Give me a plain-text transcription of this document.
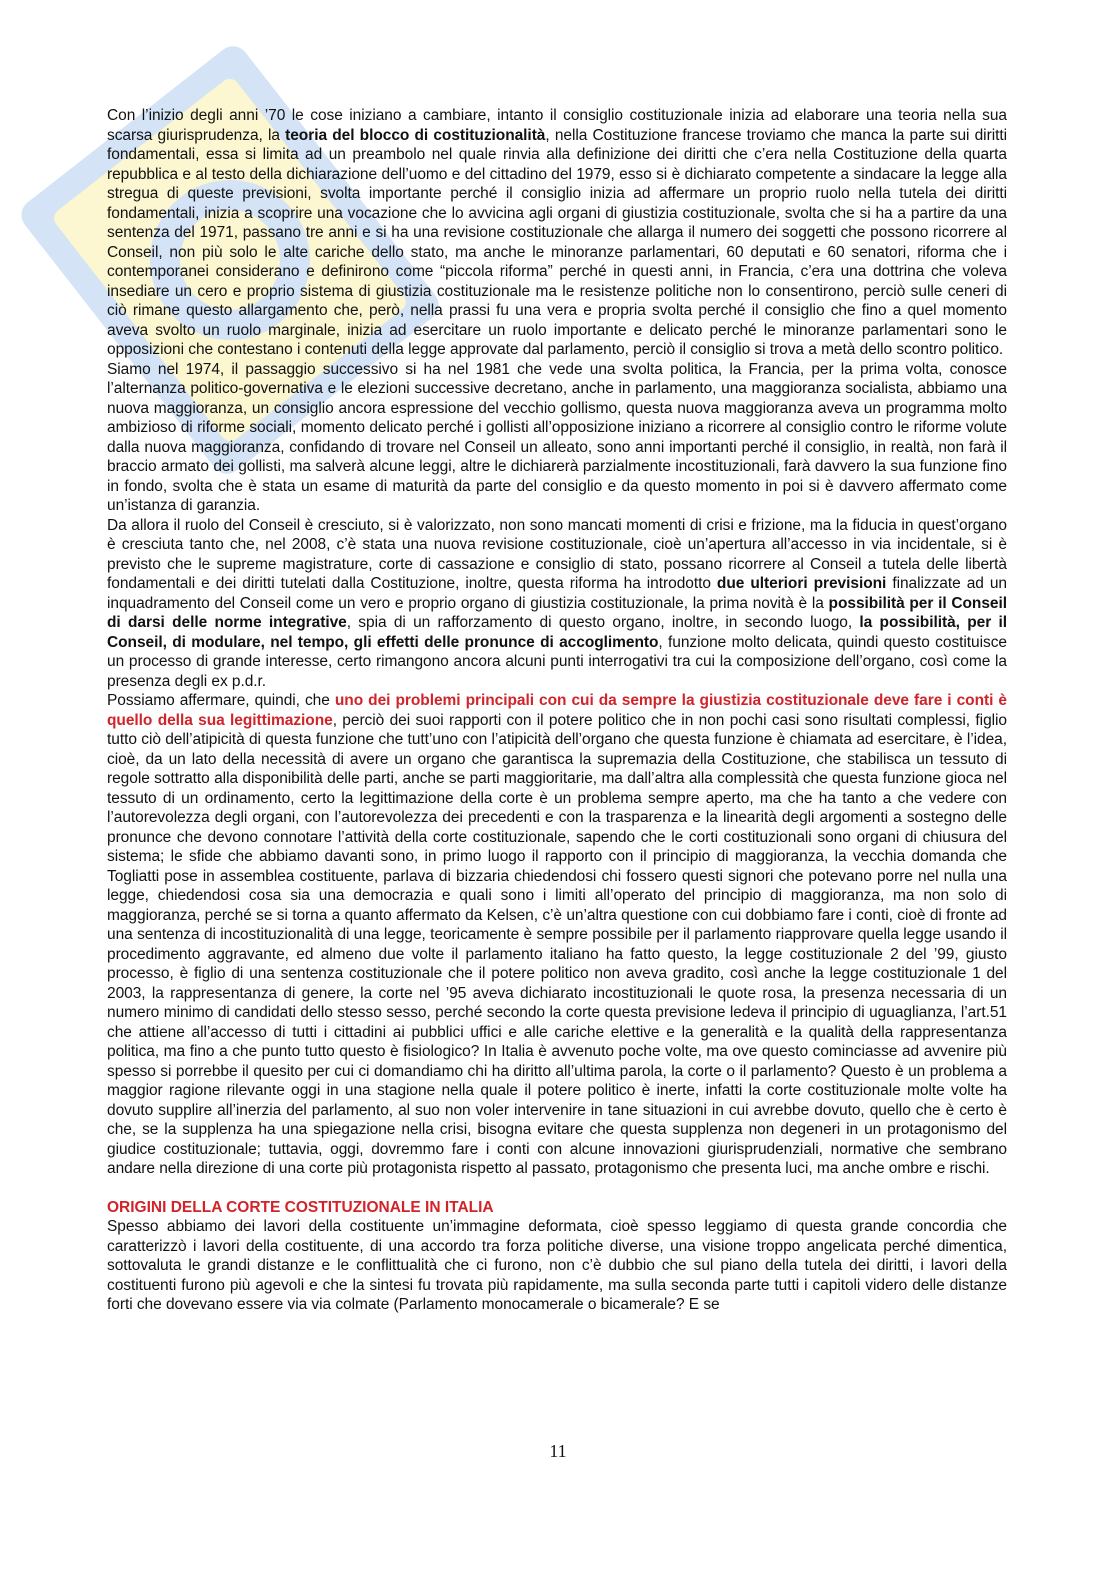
Con l’inizio degli anni ’70 le cose iniziano a cambiare, intanto il consiglio costituzionale inizia ad elaborare una teoria nella sua scarsa giurisprudenza, la teoria del blocco di costituzionalità, nella Costituzione francese troviamo che manca la parte sui diritti fondamentali, essa si limita ad un preambolo nel quale rinvia alla definizione dei diritti che c’era nella Costituzione della quarta repubblica e al testo della dichiarazione dell’uomo e del cittadino del 1979, esso si è dichiarato competente a sindacare la legge alla stregua di queste previsioni, svolta importante perché il consiglio inizia ad affermare un proprio ruolo nella tutela dei diritti fondamentali, inizia a scoprire una vocazione che lo avvicina agli organi di giustizia costituzionale, svolta che si ha a partire da una sentenza del 1971, passano tre anni e si ha una revisione costituzionale che allarga il numero dei soggetti che possono ricorrere al Conseil, non più solo le alte cariche dello stato, ma anche le minoranze parlamentari, 60 deputati e 60 senatori, riforma che i contemporanei considerano e definirono come “piccola riforma” perché in questi anni, in Francia, c’era una dottrina che voleva insediare un cero e proprio sistema di giustizia costituzionale ma le resistenze politiche non lo consentirono, perciò sulle ceneri di ciò rimane questo allargamento che, però, nella prassi fu una vera e propria svolta perché il consiglio che fino a quel momento aveva svolto un ruolo marginale, inizia ad esercitare un ruolo importante e delicato perché le minoranze parlamentari sono le opposizioni che contestano i contenuti della legge approvate dal parlamento, perciò il consiglio si trova a metà dello scontro politico.

Siamo nel 1974, il passaggio successivo si ha nel 1981 che vede una svolta politica, la Francia, per la prima volta, conosce l’alternanza politico-governativa e le elezioni successive decretano, anche in parlamento, una maggioranza socialista, abbiamo una nuova maggioranza, un consiglio ancora espressione del vecchio gollismo, questa nuova maggioranza aveva un programma molto ambizioso di riforme sociali, momento delicato perché i gollisti all’opposizione iniziano a ricorrere al consiglio contro le riforme volute dalla nuova maggioranza, confidando di trovare nel Conseil un alleato, sono anni importanti perché il consiglio, in realtà, non farà il braccio armato dei gollisti, ma salverà alcune leggi, altre le dichiarerà parzialmente incostituzionali, farà davvero la sua funzione fino in fondo, svolta che è stata un esame di maturità da parte del consiglio e da questo momento in poi si è davvero affermato come un’istanza di garanzia.

Da allora il ruolo del Conseil è cresciuto, si è valorizzato, non sono mancati momenti di crisi e frizione, ma la fiducia in quest’organo è cresciuta tanto che, nel 2008, c’è stata una nuova revisione costituzionale, cioè un’apertura all’accesso in via incidentale, si è previsto che le supreme magistrature, corte di cassazione e consiglio di stato, possano ricorrere al Conseil a tutela delle libertà fondamentali e dei diritti tutelati dalla Costituzione, inoltre, questa riforma ha introdotto due ulteriori previsioni finalizzate ad un inquadramento del Conseil come un vero e proprio organo di giustizia costituzionale, la prima novità è la possibilità per il Conseil di darsi delle norme integrative, spia di un rafforzamento di questo organo, inoltre, in secondo luogo, la possibilità, per il Conseil, di modulare, nel tempo, gli effetti delle pronunce di accoglimento, funzione molto delicata, quindi questo costituisce un processo di grande interesse, certo rimangono ancora alcuni punti interrogativi tra cui la composizione dell’organo, così come la presenza degli ex p.d.r.

Possiamo affermare, quindi, che uno dei problemi principali con cui da sempre la giustizia costituzionale deve fare i conti è quello della sua legittimazione, perciò dei suoi rapporti con il potere politico che in non pochi casi sono risultati complessi, figlio tutto ciò dell’atipicità di questa funzione che tutt’uno con l’atipicità dell’organo che questa funzione è chiamata ad esercitare, è l’idea, cioè, da un lato della necessità di avere un organo che garantisca la supremazia della Costituzione, che stabilisca un tessuto di regole sottratto alla disponibilità delle parti, anche se parti maggioritarie, ma dall’altra alla complessità che questa funzione gioca nel tessuto di un ordinamento, certo la legittimazione della corte è un problema sempre aperto, ma che ha tanto a che vedere con l’autorevolezza degli organi, con l’autorevolezza dei precedenti e con la trasparenza e la linearità degli argomenti a sostegno delle pronunce che devono connotare l’attività della corte costituzionale, sapendo che le corti costituzionali sono organi di chiusura del sistema; le sfide che abbiamo davanti sono, in primo luogo il rapporto con il principio di maggioranza, la vecchia domanda che Togliatti pose in assemblea costituente, parlava di bizzaria chiedendosi chi fossero questi signori che potevano porre nel nulla una legge, chiedendosi cosa sia una democrazia e quali sono i limiti all’operato del principio di maggioranza, ma non solo di maggioranza, perché se si torna a quanto affermato da Kelsen, c’è un’altra questione con cui dobbiamo fare i conti, cioè di fronte ad una sentenza di incostituzionalità di una legge, teoricamente è sempre possibile per il parlamento riapprovare quella legge usando il procedimento aggravante, ed almeno due volte il parlamento italiano ha fatto questo, la legge costituzionale 2 del ’99, giusto processo, è figlio di una sentenza costituzionale che il potere politico non aveva gradito, così anche la legge costituzionale 1 del 2003, la rappresentanza di genere, la corte nel ’95 aveva dichiarato incostituzionali le quote rosa, la presenza necessaria di un numero minimo di candidati dello stesso sesso, perché secondo la corte questa previsione ledeva il principio di uguaglianza, l’art.51 che attiene all’accesso di tutti i cittadini ai pubblici uffici e alle cariche elettive e la generalità e la qualità della rappresentanza politica, ma fino a che punto tutto questo è fisiologico? In Italia è avvenuto poche volte, ma ove questo cominciasse ad avvenire più spesso si porrebbe il quesito per cui ci domandiamo chi ha diritto all’ultima parola, la corte o il parlamento? Questo è un problema a maggior ragione rilevante oggi in una stagione nella quale il potere politico è inerte, infatti la corte costituzionale molte volte ha dovuto supplire all’inerzia del parlamento, al suo non voler intervenire in tane situazioni in cui avrebbe dovuto, quello che è certo è che, se la supplenza ha una spiegazione nella crisi, bisogna evitare che questa supplenza non degeneri in un protagonismo del giudice costituzionale; tuttavia, oggi, dovremmo fare i conti con alcune innovazioni giurisprudenziali, normative che sembrano andare nella direzione di una corte più protagonista rispetto al passato, protagonismo che presenta luci, ma anche ombre e rischi.

ORIGINI DELLA CORTE COSTITUZIONALE IN ITALIA

Spesso abbiamo dei lavori della costituente un’immagine deformata, cioè spesso leggiamo di questa grande concordia che caratterizzò i lavori della costituente, di una accordo tra forza politiche diverse, una visione troppo angelicata perché dimentica, sottovaluta le grandi distanze e le conflittualità che ci furono, non c’è dubbio che sul piano della tutela dei diritti, i lavori della costituenti furono più agevoli e che la sintesi fu trovata più rapidamente, ma sulla seconda parte tutti i capitoli videro delle distanze forti che dovevano essere via via colmate (Parlamento monocamerale o bicamerale? E se

11
